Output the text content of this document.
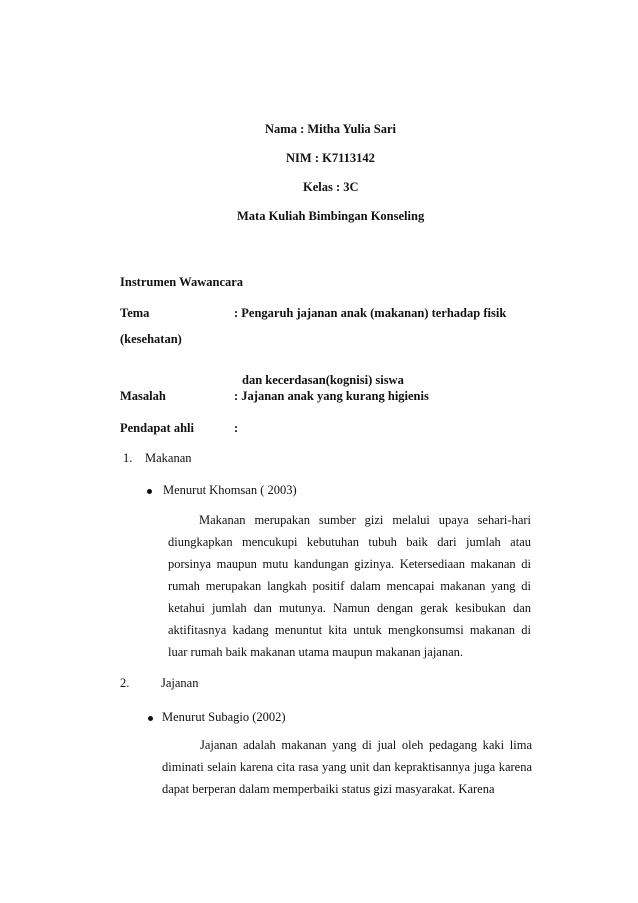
Nama : Mitha Yulia Sari
NIM : K7113142
Kelas : 3C
Mata Kuliah Bimbingan Konseling
Instrumen Wawancara
Tema	: Pengaruh jajanan anak (makanan) terhadap fisik
(kesehatan)
dan kecerdasan(kognisi) siswa
Masalah	: Jajanan anak yang kurang higienis
Pendapat ahli	:
1. Makanan
Menurut Khomsan ( 2003)
Makanan merupakan sumber gizi melalui upaya sehari-hari diungkapkan mencukupi kebutuhan tubuh baik dari jumlah atau porsinya maupun mutu kandungan gizinya. Ketersediaan makanan di rumah merupakan langkah positif dalam mencapai makanan yang di ketahui jumlah dan mutunya. Namun dengan gerak kesibukan dan aktifitasnya kadang menuntut kita untuk mengkonsumsi makanan di luar rumah baik makanan utama maupun makanan jajanan.
2.	Jajanan
Menurut Subagio (2002)
Jajanan adalah makanan yang di jual oleh pedagang kaki lima diminati selain karena cita rasa yang unit dan kepraktisannya juga karena dapat berperan dalam memperbaiki status gizi masyarakat. Karena
